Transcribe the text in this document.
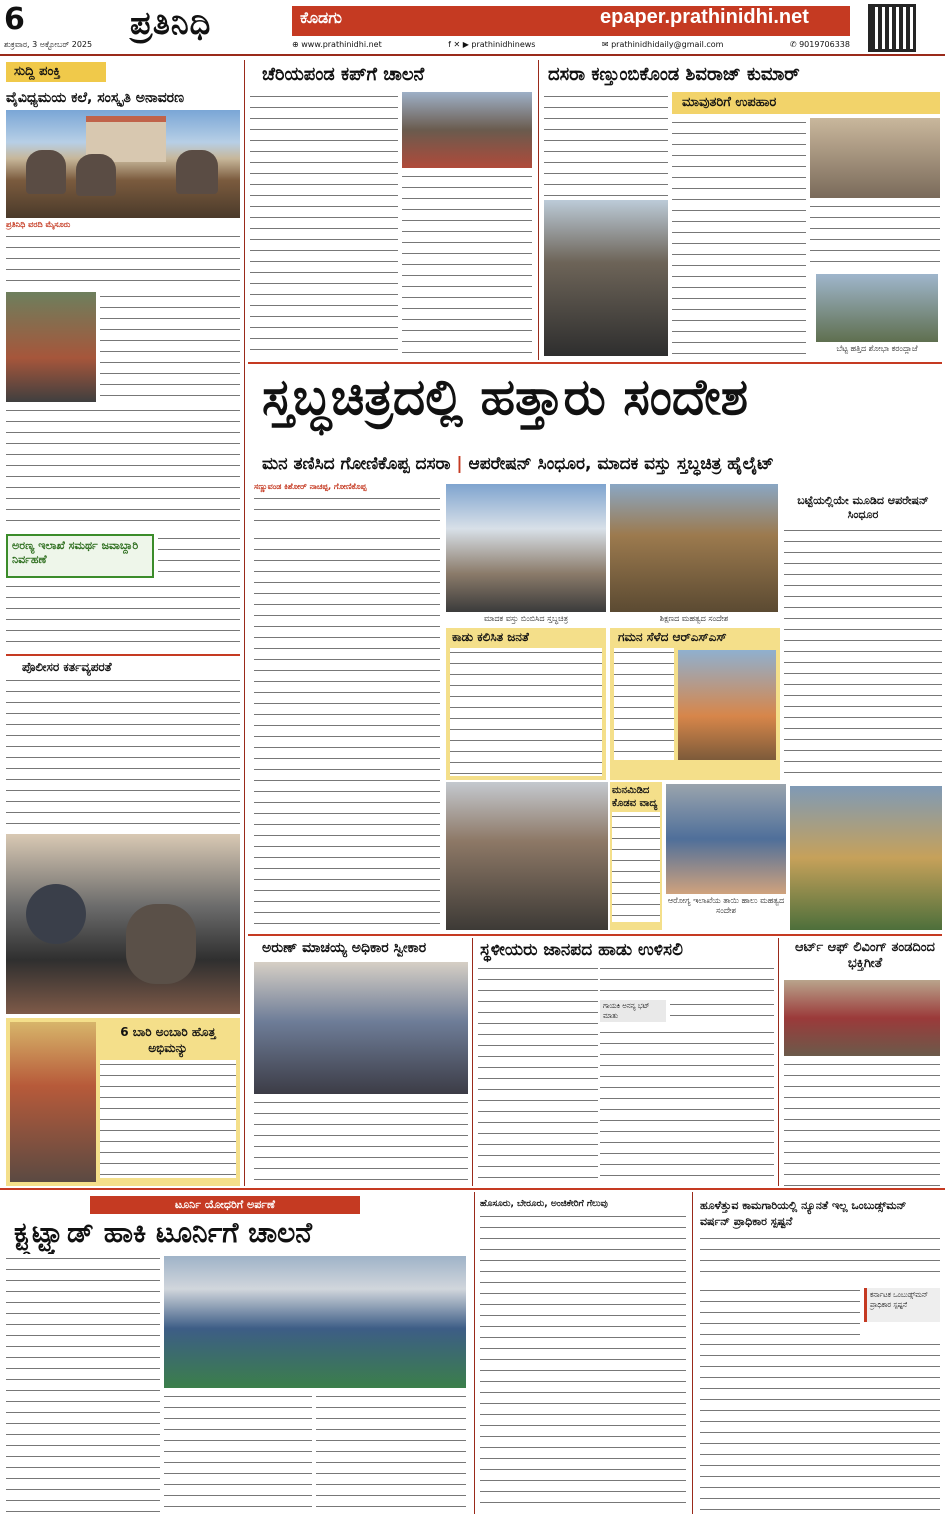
6
ಶುಕ್ರವಾರ, 3 ಅಕ್ಟೋಬರ್ 2025
ಪ್ರತಿನಿಧಿ	ಕೊಡಗು	epaper.prathinidhi.net
⊕ www.prathinidhi.net	f ✕ ▶ prathinidhinews	✉ prathinidhidaily@gmail.com	✆ 9019706338
ಸುದ್ದಿ ಪಂಕ್ತಿ
ವೈವಿಧ್ಯಮಯ ಕಲೆ, ಸಂಸ್ಕೃತಿ ಅನಾವರಣ
ಪ್ರತಿನಿಧಿ ವರದಿ ಮೈಸೂರು
ಅರಣ್ಯ ಇಲಾಖೆ ಸಮರ್ಥ ಜವಾಬ್ದಾರಿ ನಿರ್ವಹಣೆ
ಪೊಲೀಸರ ಕರ್ತವ್ಯಪರತೆ
6 ಬಾರಿ ಅಂಬಾರಿ ಹೊತ್ತ ಅಭಿಮನ್ಯು
ಚೆರಿಯಪಂಡ ಕಪ್‌ಗೆ ಚಾಲನೆ	ದಸರಾ ಕಣ್ತುಂಬಿಕೊಂಡ ಶಿವರಾಜ್ ಕುಮಾರ್
ಮಾವುತರಿಗೆ ಉಪಹಾರ
ಬೆಟ್ಟ ಹತ್ತಿದ ಶೋಭಾ ಕರಂದ್ಲಾಜೆ
ಸ್ತಬ್ಧಚಿತ್ರದಲ್ಲಿ ಹತ್ತಾರು ಸಂದೇಶ
ಮನ ತಣಿಸಿದ ಗೋಣಿಕೊಪ್ಪ ದಸರಾ | ಆಪರೇಷನ್ ಸಿಂಧೂರ, ಮಾದಕ ವಸ್ತು ಸ್ತಬ್ಧಚಿತ್ರ ಹೈಲೈಟ್
ಸಣ್ಣುವಂಡ ಕಿಶೋರ್ ನಾಚಪ್ಪ, ಗೋಣಿಕೊಪ್ಪ
ಮಾದಕ ವಸ್ತು ಬಿಂಬಿಸಿದ ಸ್ತಬ್ಧಚಿತ್ರ	ಶಿಕ್ಷಣದ ಮಹತ್ವದ ಸಂದೇಶ
ಬಟ್ಟೆಯಲ್ಲಿಯೇ ಮೂಡಿದ ಆಪರೇಷನ್ ಸಿಂಧೂರ
ಕಾಡು ಕಲಿಸಿತ ಜನತೆ	ಗಮನ ಸೆಳೆದ ಆರ್‌ಎಸ್‌ಎಸ್
ಮನಮಿಡಿದ ಕೊಡವ ವಾದ್ಯ
ಆರೋಗ್ಯ ಇಲಾಖೆಯ ತಾಯಿ ಹಾಲು ಮಹತ್ವದ ಸಂದೇಶ
ಅರುಣ್ ಮಾಚಯ್ಯ ಅಧಿಕಾರ ಸ್ವೀಕಾರ	ಸ್ಥಳೀಯರು ಜಾನಪದ ಹಾಡು ಉಳಿಸಲಿ
ಗಾಯಕಿ ಅನನ್ಯ ಭಟ್ ಮಾತು
ಆರ್ಟ್ ಆಫ್ ಲಿವಿಂಗ್ ತಂಡದಿಂದ ಭಕ್ತಿಗೀತೆ
ಟೂರ್ನಿ ಯೋಧರಿಗೆ ಅರ್ಪಣೆ
ಕ್ಟ್ಗಟ್ಟ್ಯಾಡ್ ಹಾಕಿ ಟೂರ್ನಿಗೆ ಚಾಲನೆ
ಹೊಸೂರು, ಬೇರೂರು, ಅಂಜಿಕೇರಿಗೆ ಗೆಲುವು	ಹೂಳೆತ್ತುವ ಕಾಮಗಾರಿಯಲ್ಲಿ ನ್ಯೂನತೆ ಇಲ್ಲ ಒಂಬುಡ್ಸ್‌ಮನ್ ವರ್ಷನ್ ಪ್ರಾಧಿಕಾರ ಸ್ಪಷ್ಟನೆ
ಕರ್ನಾಟಕ ಒಂಬುಡ್ಸ್‌ಮನ್ ಪ್ರಾಧಿಕಾರ ಸ್ಪಷ್ಟನೆ
